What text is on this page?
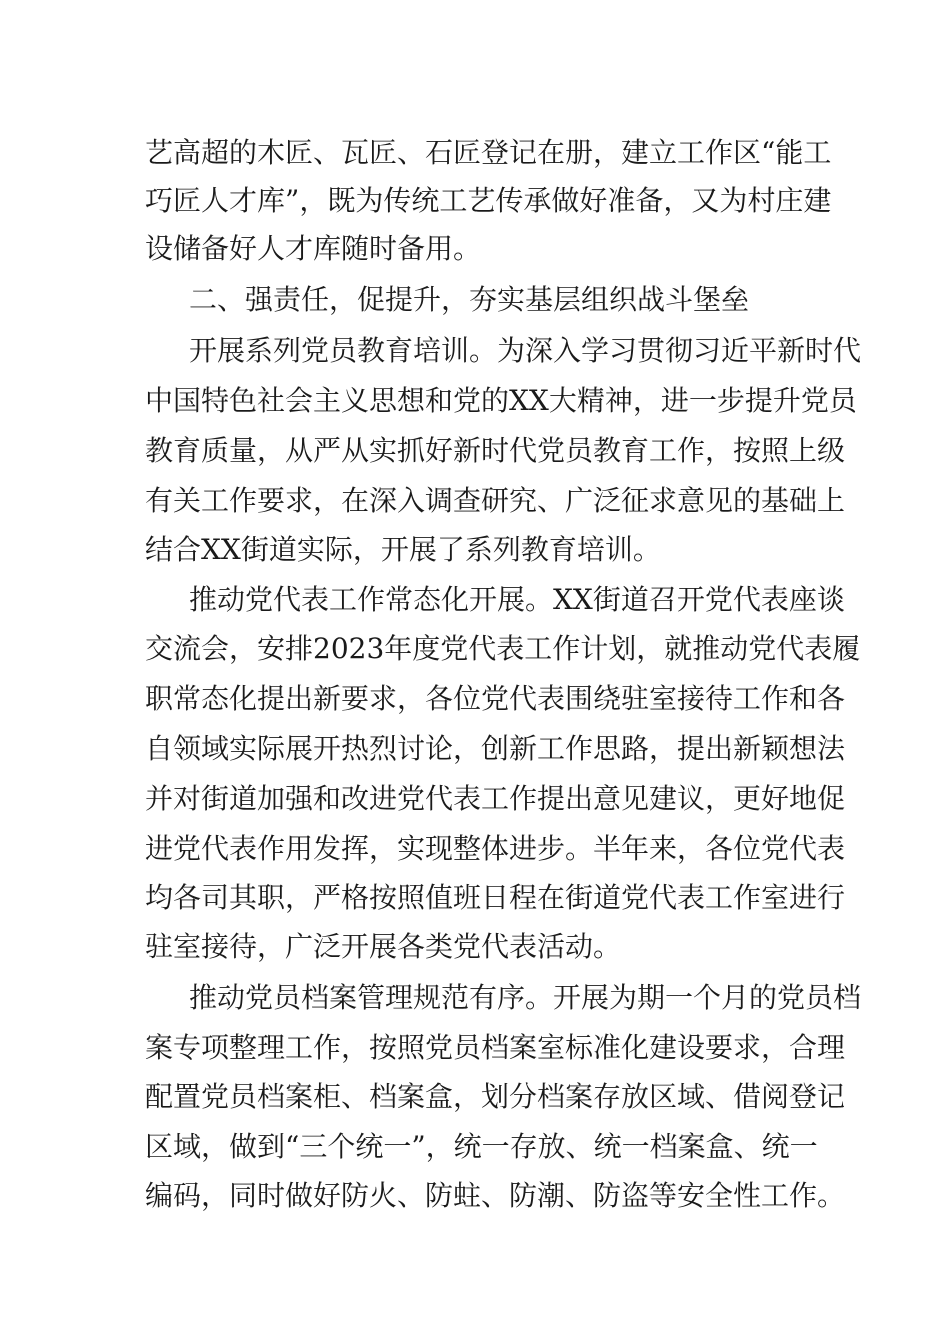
艺高超的木匠、瓦匠、石匠登记在册，建立工作区“能工
巧匠人才库”，既为传统工艺传承做好准备，又为村庄建
设储备好人才库随时备用。
二、强责任，促提升，夯实基层组织战斗堡垒
开展系列党员教育培训。为深入学习贯彻习近平新时代
中国特色社会主义思想和党的XX大精神，进一步提升党员
教育质量，从严从实抓好新时代党员教育工作，按照上级
有关工作要求，在深入调查研究、广泛征求意见的基础上
结合XX街道实际，开展了系列教育培训。
推动党代表工作常态化开展。XX街道召开党代表座谈
交流会，安排2023年度党代表工作计划，就推动党代表履
职常态化提出新要求，各位党代表围绕驻室接待工作和各
自领域实际展开热烈讨论，创新工作思路，提出新颖想法
并对街道加强和改进党代表工作提出意见建议，更好地促
进党代表作用发挥，实现整体进步。半年来，各位党代表
均各司其职，严格按照值班日程在街道党代表工作室进行
驻室接待，广泛开展各类党代表活动。
推动党员档案管理规范有序。开展为期一个月的党员档
案专项整理工作，按照党员档案室标准化建设要求，合理
配置党员档案柜、档案盒，划分档案存放区域、借阅登记
区域，做到“三个统一”，统一存放、统一档案盒、统一
编码，同时做好防火、防蛀、防潮、防盗等安全性工作。
